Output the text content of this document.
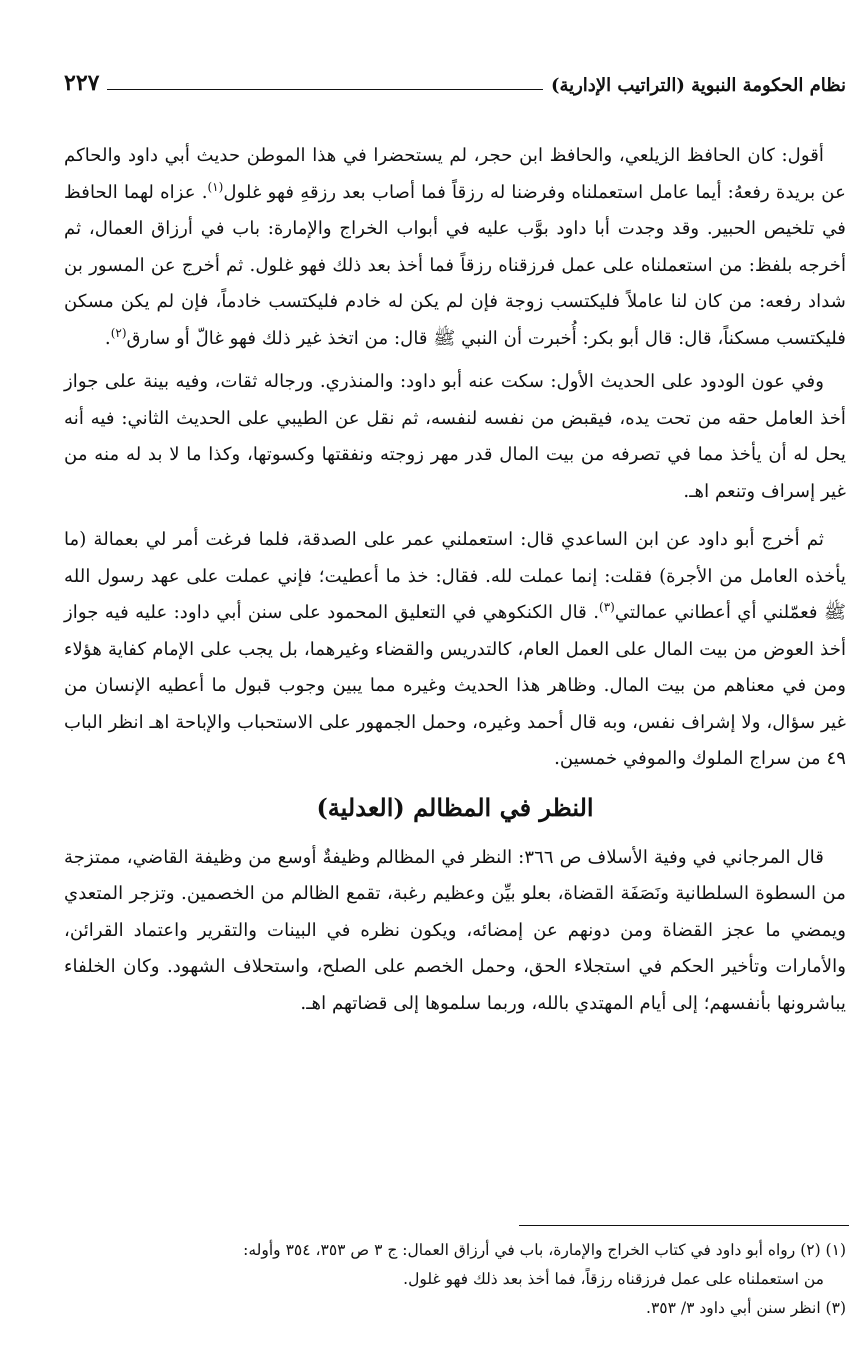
نظام الحكومة النبوية (التراتيب الإدارية)
٢٢٧

أقول: كان الحافظ الزيلعي، والحافظ ابن حجر، لم يستحضرا في هذا الموطن حديث أبي داود والحاكم عن بريدة رفعهُ: أيما عامل استعملناه وفرضنا له رزقاً فما أصاب بعد رزقهِ فهو غلول$^{(١)}$. عزاه لهما الحافظ في تلخيص الحبير. وقد وجدت أبا داود بوَّب عليه في أبواب الخراج والإمارة: باب في أرزاق العمال، ثم أخرجه بلفظ: من استعملناه على عمل فرزقناه رزقاً فما أخذ بعد ذلك فهو غلول. ثم أخرج عن المسور بن شداد رفعه: من كان لنا عاملاً فليكتسب زوجة فإن لم يكن له خادم فليكتسب خادماً، فإن لم يكن مسكن فليكتسب مسكناً، قال: قال أبو بكر: أُخبرت أن النبي ﷺ قال: من اتخذ غير ذلك فهو غالّ أو سارق$^{(٢)}$.

وفي عون الودود على الحديث الأول: سكت عنه أبو داود: والمنذري. ورجاله ثقات، وفيه بينة على جواز أخذ العامل حقه من تحت يده، فيقبض من نفسه لنفسه، ثم نقل عن الطيبي على الحديث الثاني: فيه أنه يحل له أن يأخذ مما في تصرفه من بيت المال قدر مهر زوجته ونفقتها وكسوتها، وكذا ما لا بد له منه من غير إسراف وتنعم اهـ.

ثم أخرج أبو داود عن ابن الساعدي قال: استعملني عمر على الصدقة، فلما فرغت أمر لي بعمالة (ما يأخذه العامل من الأجرة) فقلت: إنما عملت لله. فقال: خذ ما أعطيت؛ فإني عملت على عهد رسول الله ﷺ فعمّلني أي أعطاني عمالتي$^{(٣)}$. قال الكنكوهي في التعليق المحمود على سنن أبي داود: عليه فيه جواز أخذ العوض من بيت المال على العمل العام، كالتدريس والقضاء وغيرهما، بل يجب على الإمام كفاية هؤلاء ومن في معناهم من بيت المال. وظاهر هذا الحديث وغيره مما يبين وجوب قبول ما أعطيه الإنسان من غير سؤال، ولا إشراف نفس، وبه قال أحمد وغيره، وحمل الجمهور على الاستحباب والإباحة اهـ انظر الباب ٤٩ من سراج الملوك والموفي خمسين.

النظر في المظالم (العدلية)

قال المرجاني في وفية الأسلاف ص ٣٦٦: النظر في المظالم وظيفةٌ أوسع من وظيفة القاضي، ممتزجة من السطوة السلطانية ونَصَفَة القضاة، بعلو بيِّن وعظيم رغبة، تقمع الظالم من الخصمين. وتزجر المتعدي ويمضي ما عجز القضاة ومن دونهم عن إمضائه، ويكون نظره في البينات والتقرير واعتماد القرائن، والأمارات وتأخير الحكم في استجلاء الحق، وحمل الخصم على الصلح، واستحلاف الشهود. وكان الخلفاء يباشرونها بأنفسهم؛ إلى أيام المهتدي بالله، وربما سلموها إلى قضاتهم اهـ.

(١) (٢) رواه أبو داود في كتاب الخراج والإمارة، باب في أرزاق العمال: ج ٣ ص ٣٥٣، ٣٥٤ وأوله:

من استعملناه على عمل فرزقناه رزقاً، فما أخذ بعد ذلك فهو غلول.

(٣) انظر سنن أبي داود ٣/ ٣٥٣.
